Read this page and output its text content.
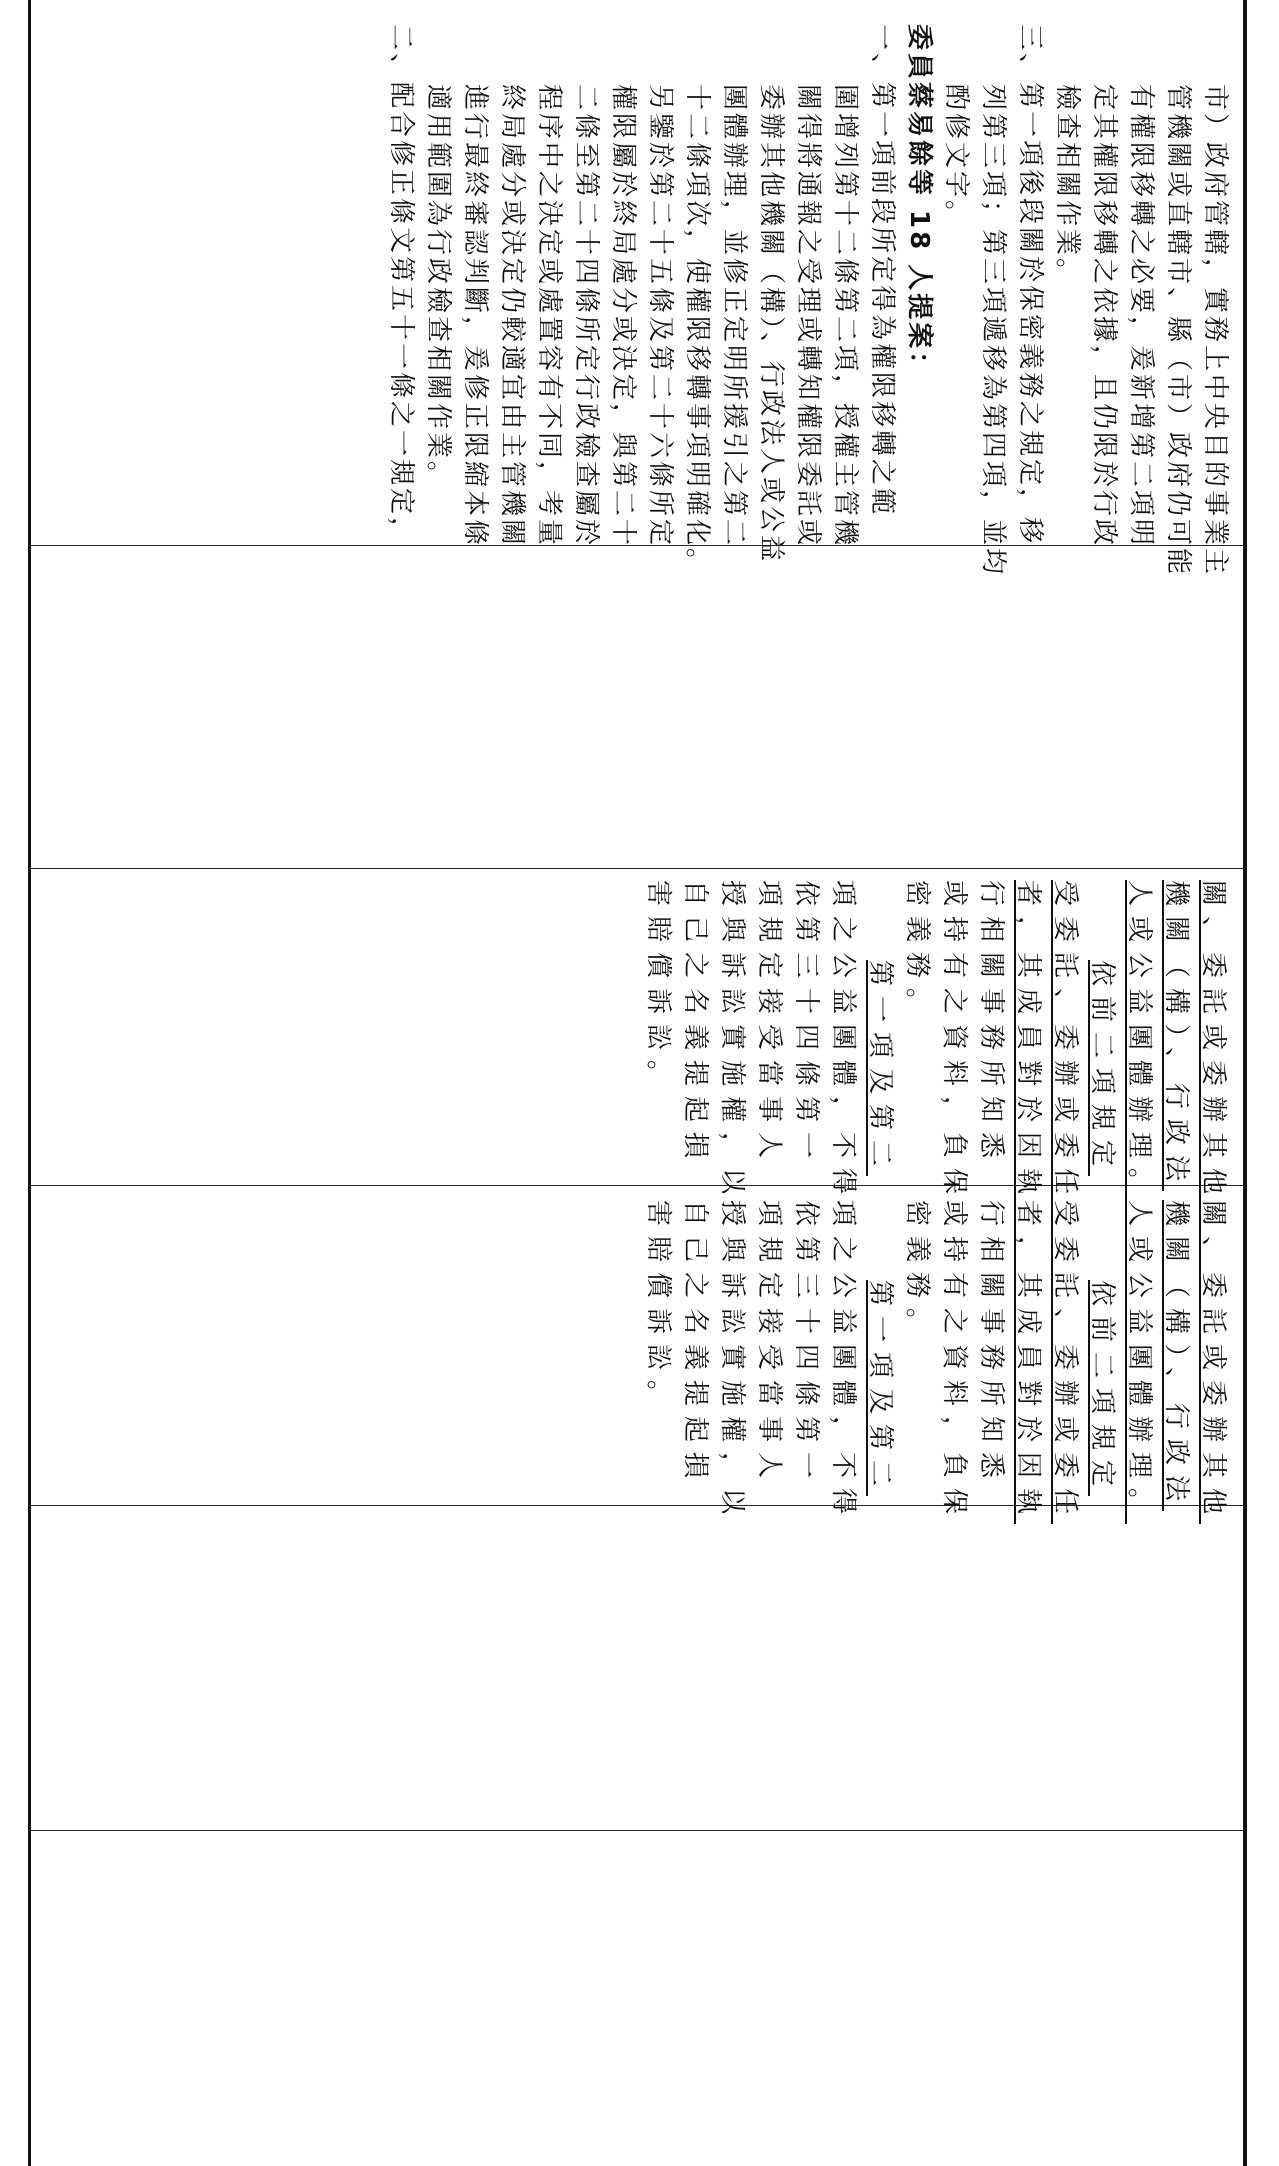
市）政府管轄，實務上中央目的事業主
管機關或直轄市、縣（市）政府仍可能
有權限移轉之必要，爰新增第二項明
定其權限移轉之依據，且仍限於行政
檢查相關作業。
三、第一項後段關於保密義務之規定，移
列第三項；第三項遞移為第四項，並均
酌修文字。
委員蔡易餘等 18 人提案：
一、第一項前段所定得為權限移轉之範
圍增列第十二條第二項，授權主管機
關得將通報之受理或轉知權限委託或
委辦其他機關（構）、行政法人或公益
團體辦理，並修正定明所援引之第二
十二條項次，使權限移轉事項明確化。
另鑒於第二十五條及第二十六條所定
權限屬於終局處分或決定，與第二十
二條至第二十四條所定行政檢查屬於
程序中之決定或處置容有不同，考量
終局處分或決定仍較適宜由主管機關
進行最終審認判斷，爰修正限縮本條
適用範圍為行政檢查相關作業。
二、配合修正條文第五十一條之一規定，
關、委託或委辦其他
機關（構）、行政法
人或公益團體辦理。
依前二項規定
受委託、委辦或委任
者，其成員對於因執
行相關事務所知悉
或持有之資料，負保
密義務。
第一項及第二
項之公益團體，不得
依第三十四條第一
項規定接受當事人
授與訴訟實施權，以
自己之名義提起損
害賠償訴訟。
關、委託或委辦其他
機關（構）、行政法
人或公益團體辦理。
依前二項規定
受委託、委辦或委任
者，其成員對於因執
行相關事務所知悉
或持有之資料，負保
密義務。
第一項及第二
項之公益團體，不得
依第三十四條第一
項規定接受當事人
授與訴訟實施權，以
自己之名義提起損
害賠償訴訟。
